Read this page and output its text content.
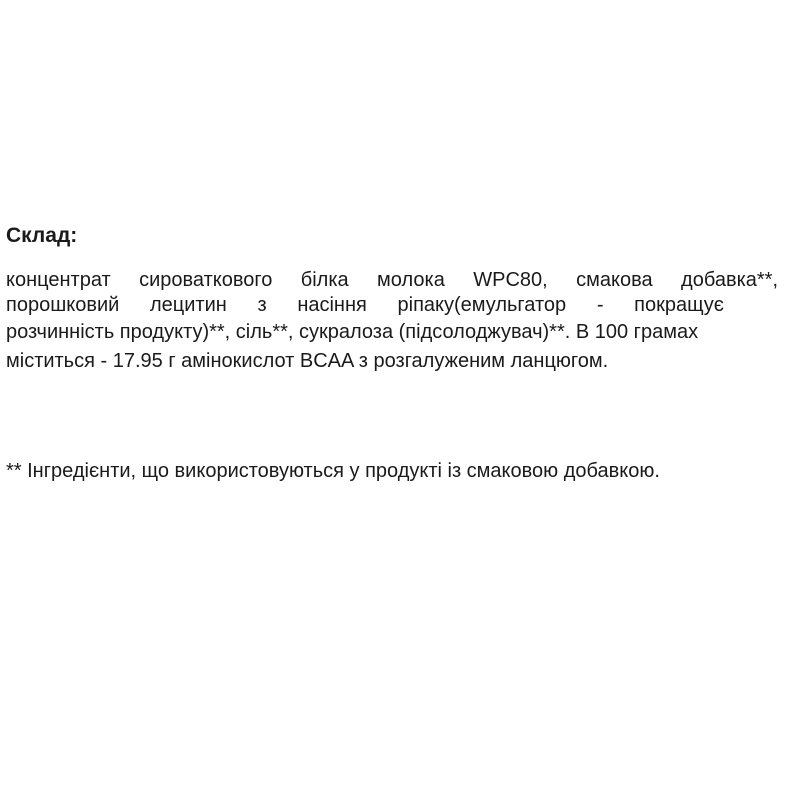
Склад:
концентрат сироваткового білка молока WPC80, смакова добавка**,
порошковий лецитин з насіння ріпаку(емульгатор - покращує
розчинність продукту)**, сіль**, сукралоза (підсолоджувач)**. В 100 грамах
міститься - 17.95 г амінокислот BCAA з розгалуженим ланцюгом.
** Інгредієнти, що використовуються у продукті із смаковою добавкою.
